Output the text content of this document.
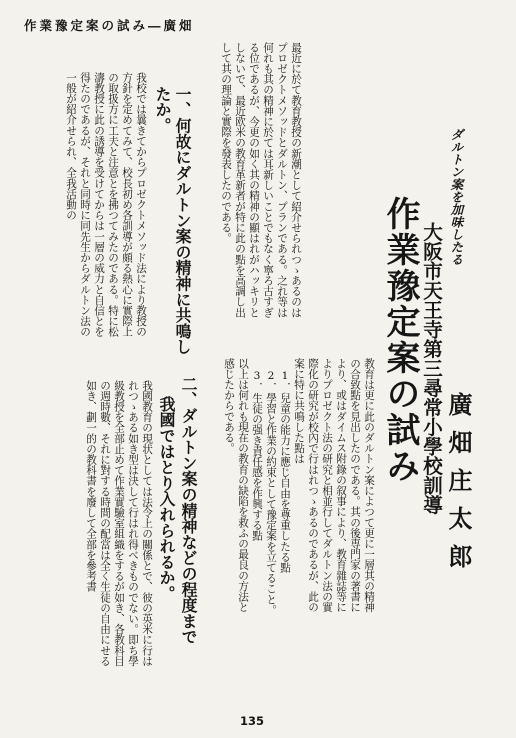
作業豫定案の試み―廣畑
最近に於て教育教授の新潮として紹介せられつゝあるのはプロゼクトメソッドとダルトン、プランである。之れ等は何れも其の精神に於ては耳新しいことでもなく寧ろ古すぎる位であるが、今更の如く其の精神の顯はれがハッキリとしないで、最近欧米の教育革新者が特に此の點を高調し出して其の理論と實際を發表したのである。	ダルトン案を加味したる
作業豫定案の試み 大阪市天王寺第三尋常小學校訓導 廣畑庄太郎
一、何故にダルトン案の精神に共鳴したか。
我校では曩きてからプロゼクトメソッド法により教授の方針を定めてみて、校長初め各訓導が頗る熱心に實際上の取扱方に工夫と注意とを拂つてみたのである。特に松濤教授に此の誘導を受けてからは一層の威力と自信とを得たのであるが、それと同時に同先生からダルトン法の一般が紹介せられ、全我活動の
教育は更に此のダルトン案によつて更に一層其の精神の合致點を見出したのである。其の後専門家の著書により、或はダイムス附錄の叙事により、教育雜誌等によりプロゼクト法の研究と相並行してダルトン法の實際化の研究が校內で行はれつゝあるのであるが、此の案に特に共鳴した點は
1．兒童の能力に應じ自由を尊重したる點
2．學習と作業の約束として豫定案を立てること。
3．生徒の强き責任感を作興する點
以上は何れも現在の教育の缺陷を救ふの最良の方法と感じたからである。
二、ダルトン案の精神などの程度まで
我國ではとり入れられるか。
我國教育の現状としては法令上の關係とで、彼の英米に行はれつゝある如き型は決して行はれ得べきものでない。即ち學級教授を全部止めて作業實驗室組織をするが如き、各教科目の週時數、それに對する時間の配當は全く生徒の自由にせる如き、劃一的の教科書を廢して全部を參考書
135
